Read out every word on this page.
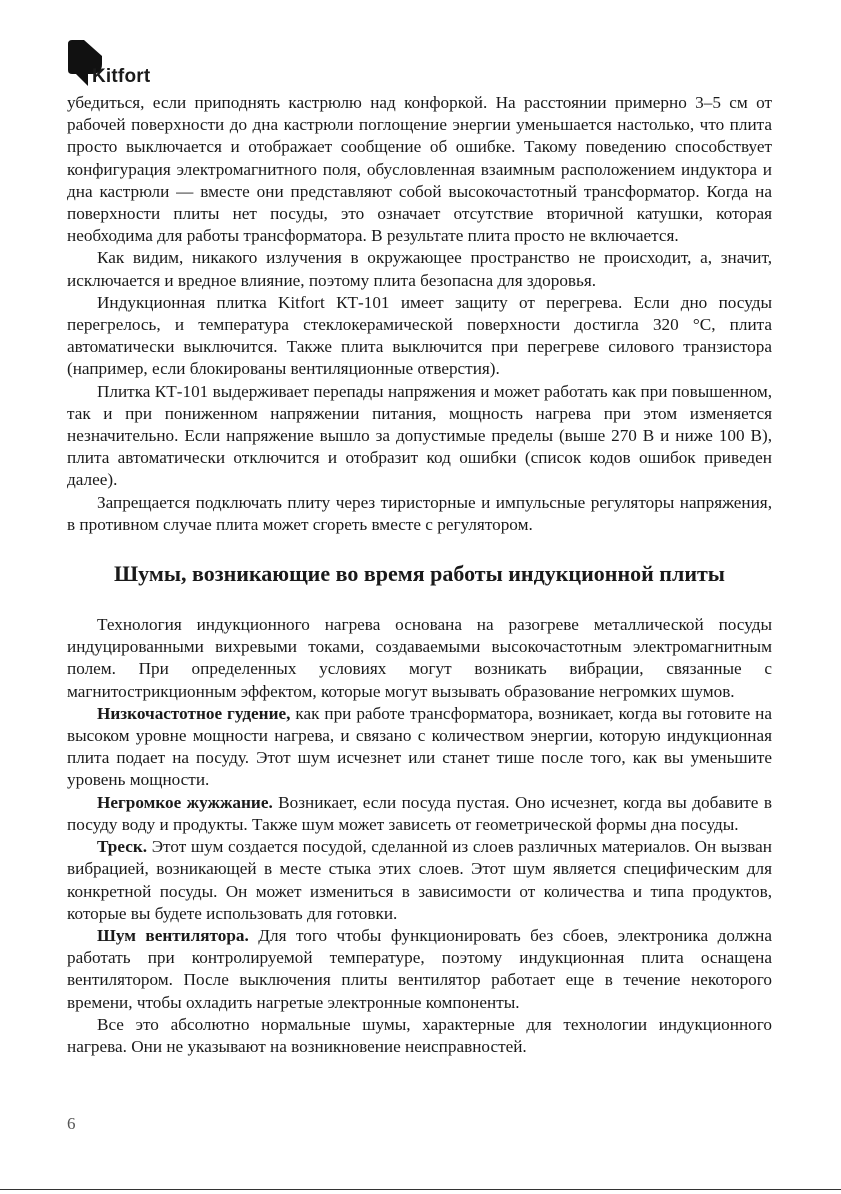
Kitfort

убедиться, если приподнять кастрюлю над конфоркой. На расстоянии примерно 3–5 см от рабочей поверхности до дна кастрюли поглощение энергии уменьшается настолько, что плита просто выключается и отображает сообщение об ошибке. Такому поведению способствует конфигурация электромагнитного поля, обусловленная взаимным расположением индуктора и дна кастрюли — вместе они представляют собой высокочастотный трансформатор. Когда на поверхности плиты нет посуды, это означает отсутствие вторичной катушки, которая необходима для работы трансформатора. В результате плита просто не включается.

Как видим, никакого излучения в окружающее пространство не происходит, а, значит, исключается и вредное влияние, поэтому плита безопасна для здоровья.

Индукционная плитка Kitfort КТ-101 имеет защиту от перегрева. Если дно посуды перегрелось, и температура стеклокерамической поверхности достигла 320 °С, плита автоматически выключится. Также плита выключится при перегреве силового транзистора (например, если блокированы вентиляционные отверстия).

Плитка КТ-101 выдерживает перепады напряжения и может работать как при повышенном, так и при пониженном напряжении питания, мощность нагрева при этом изменяется незначительно. Если напряжение вышло за допустимые пределы (выше 270 В и ниже 100 В), плита автоматически отключится и отобразит код ошибки (список кодов ошибок приведен далее).

Запрещается подключать плиту через тиристорные и импульсные регуляторы напряжения, в противном случае плита может сгореть вместе с регулятором.

Шумы, возникающие во время работы индукционной плиты

Технология индукционного нагрева основана на разогреве металлической посуды индуцированными вихревыми токами, создаваемыми высокочастотным электромагнитным полем. При определенных условиях могут возникать вибрации, связанные с магнитострикционным эффектом, которые могут вызывать образование негромких шумов.

Низкочастотное гудение, как при работе трансформатора, возникает, когда вы готовите на высоком уровне мощности нагрева, и связано с количеством энергии, которую индукционная плита подает на посуду. Этот шум исчезнет или станет тише после того, как вы уменьшите уровень мощности.

Негромкое жужжание. Возникает, если посуда пустая. Оно исчезнет, когда вы добавите в посуду воду и продукты. Также шум может зависеть от геометрической формы дна посуды.

Треск. Этот шум создается посудой, сделанной из слоев различных материалов. Он вызван вибрацией, возникающей в месте стыка этих слоев. Этот шум является специфическим для конкретной посуды. Он может измениться в зависимости от количества и типа продуктов, которые вы будете использовать для готовки.

Шум вентилятора. Для того чтобы функционировать без сбоев, электроника должна работать при контролируемой температуре, поэтому индукционная плита оснащена вентилятором. После выключения плиты вентилятор работает еще в течение некоторого времени, чтобы охладить нагретые электронные компоненты.

Все это абсолютно нормальные шумы, характерные для технологии индукционного нагрева. Они не указывают на возникновение неисправностей.

6
